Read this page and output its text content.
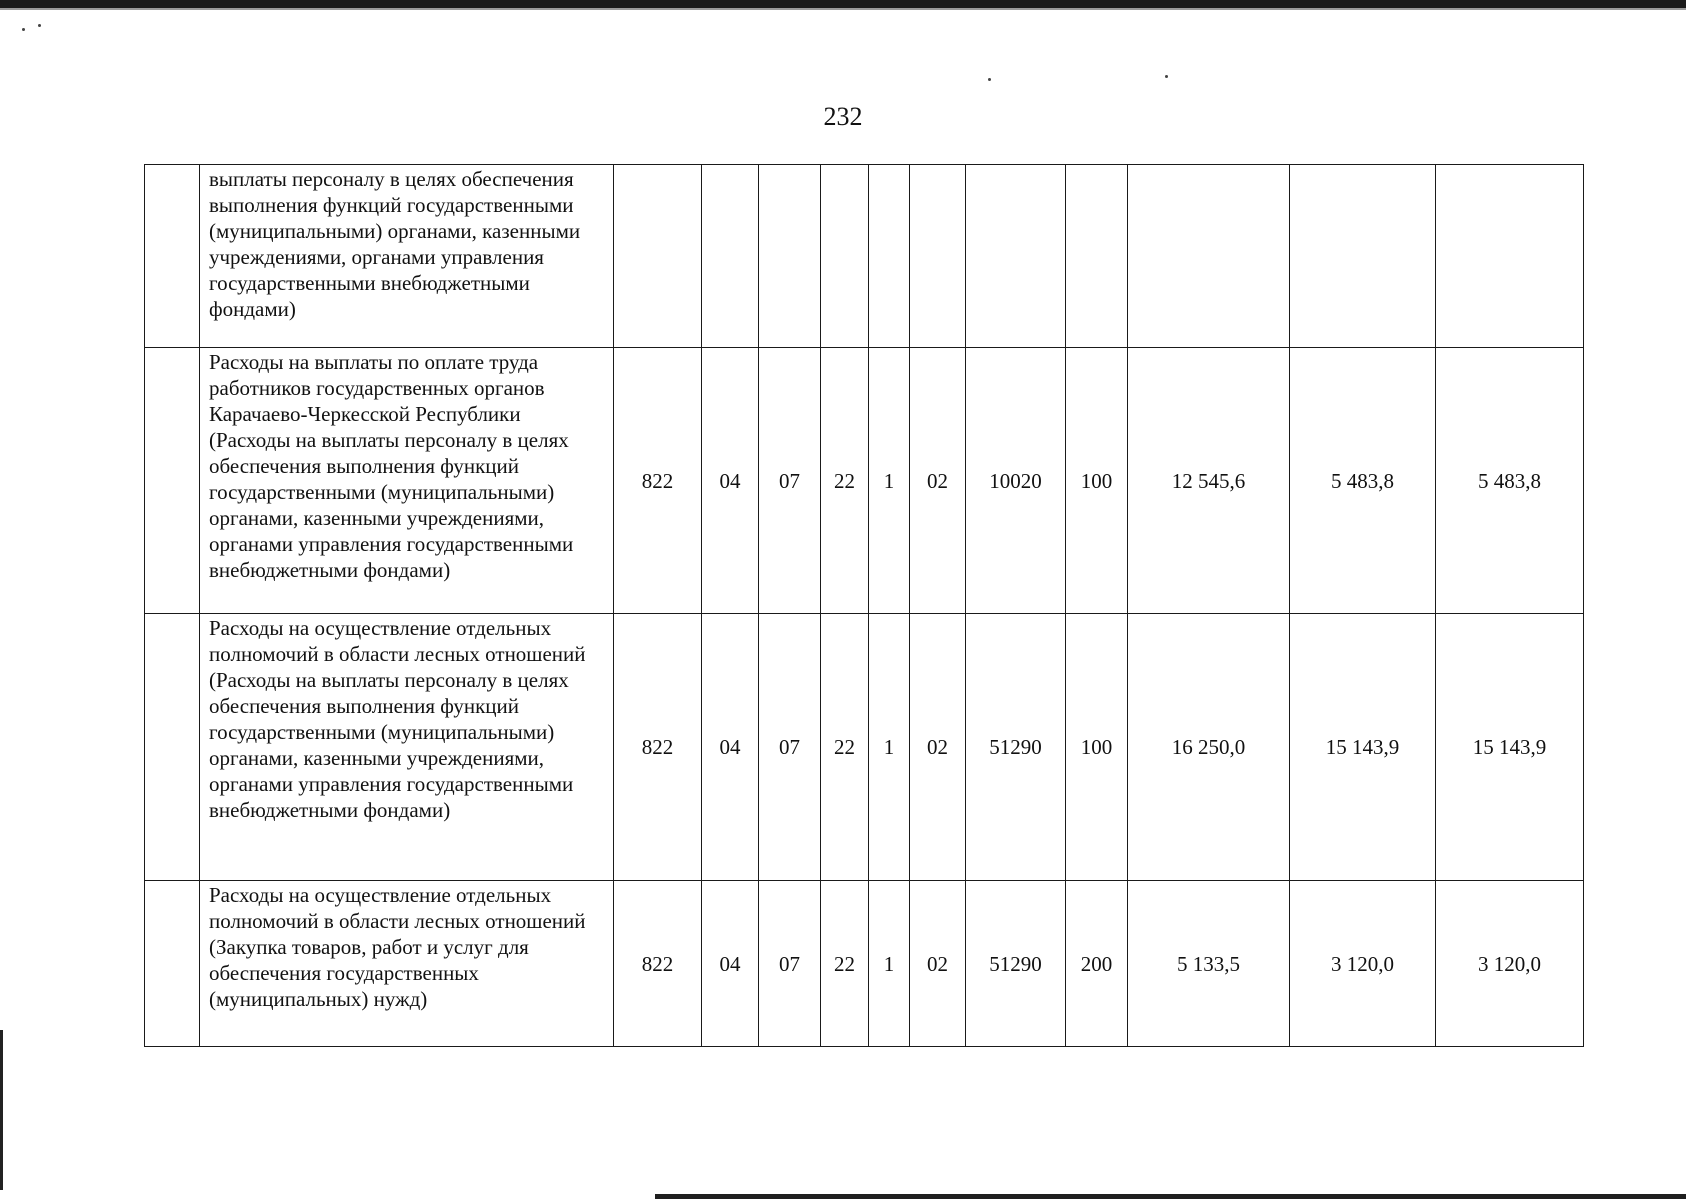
232
	выплаты персоналу в целях обеспечения выполнения функций государственными (муниципальными) органами, казенными учреждениями, органами управления государственными внебюджетными фондами)											
	Расходы на выплаты по оплате труда работников государственных органов Карачаево-Черкесской Республики (Расходы на выплаты персоналу в целях обеспечения выполнения функций государственными (муниципальными) органами, казенными учреждениями, органами управления государственными внебюджетными фондами)	822	04	07	22	1	02	10020	100	12 545,6	5 483,8	5 483,8
	Расходы на осуществление отдельных полномочий в области лесных отношений (Расходы на выплаты персоналу в целях обеспечения выполнения функций государственными (муниципальными) органами, казенными учреждениями, органами управления государственными внебюджетными фондами)	822	04	07	22	1	02	51290	100	16 250,0	15 143,9	15 143,9
	Расходы на осуществление отдельных полномочий в области лесных отношений (Закупка товаров, работ и услуг для обеспечения государственных (муниципальных) нужд)	822	04	07	22	1	02	51290	200	5 133,5	3 120,0	3 120,0
